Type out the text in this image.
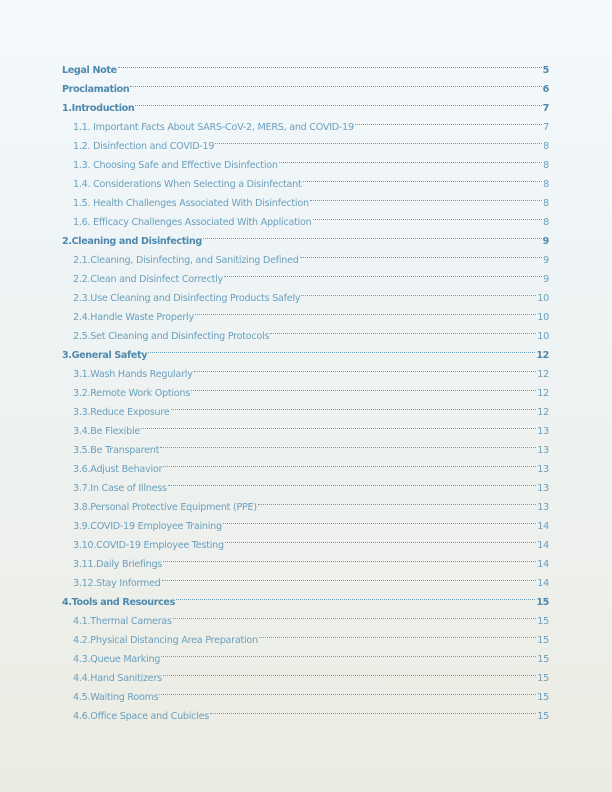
Legal Note	5
Proclamation	6
1.Introduction	7
1.1. Important Facts About SARS-CoV-2, MERS, and COVID-19	7
1.2. Disinfection and COVID-19	8
1.3. Choosing Safe and Effective Disinfection	8
1.4. Considerations When Selecting a Disinfectant	8
1.5. Health Challenges Associated With Disinfection	8
1.6. Efficacy Challenges Associated With Application	8
2.Cleaning and Disinfecting	9
2.1.Cleaning, Disinfecting, and Sanitizing Defined	9
2.2.Clean and Disinfect Correctly	9
2.3.Use Cleaning and Disinfecting Products Safely	10
2.4.Handle Waste Properly	10
2.5.Set Cleaning and Disinfecting Protocols	10
3.General Safety	12
3.1.Wash Hands Regularly	12
3.2.Remote Work Options	12
3.3.Reduce Exposure	12
3.4.Be Flexible	13
3.5.Be Transparent	13
3.6.Adjust Behavior	13
3.7.In Case of Illness	13
3.8.Personal Protective Equipment (PPE)	13
3.9.COVID-19 Employee Training	14
3.10.COVID-19 Employee Testing	14
3.11.Daily Briefings	14
3.12.Stay Informed	14
4.Tools and Resources	15
4.1.Thermal Cameras	15
4.2.Physical Distancing Area Preparation	15
4.3.Queue Marking	15
4.4.Hand Sanitizers	15
4.5.Waiting Rooms	15
4.6.Office Space and Cubicles	15
